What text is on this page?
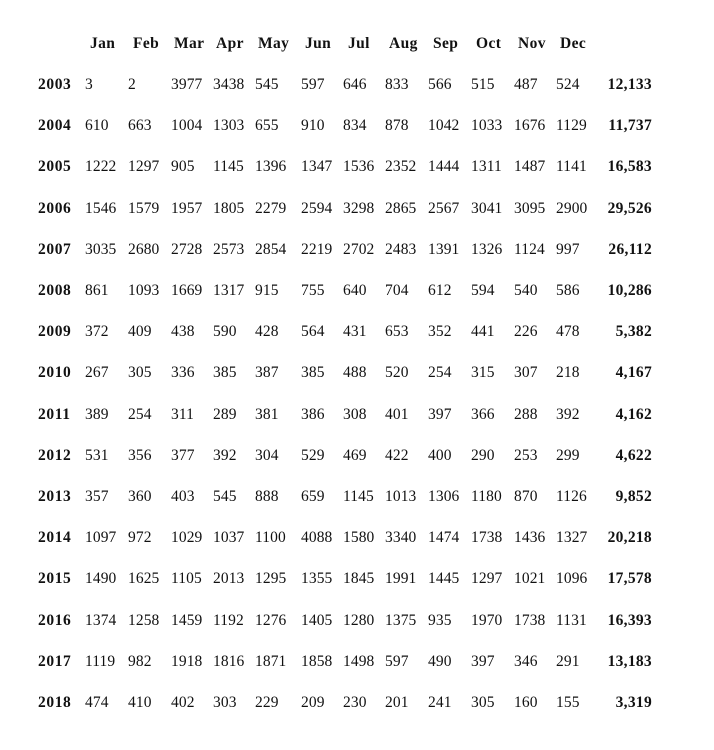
Jan Feb Mar Apr May Jun Jul Aug Sep Oct Nov Dec
2003 3 2 3977 3438 545 597 646 833 566 515 487 524	12,133
2004 610 663 1004 1303 655 910 834 878 1042 1033 1676 1129	11,737
2005 1222 1297 905 1145 1396 1347 1536 2352 1444 1311 1487 1141	16,583
2006 1546 1579 1957 1805 2279 2594 3298 2865 2567 3041 3095 2900	29,526
2007 3035 2680 2728 2573 2854 2219 2702 2483 1391 1326 1124 997	26,112
2008 861 1093 1669 1317 915 755 640 704 612 594 540 586	10,286
2009 372 409 438 590 428 564 431 653 352 441 226 478	5,382
2010 267 305 336 385 387 385 488 520 254 315 307 218	4,167
2011 389 254 311 289 381 386 308 401 397 366 288 392	4,162
2012 531 356 377 392 304 529 469 422 400 290 253 299	4,622
2013 357 360 403 545 888 659 1145 1013 1306 1180 870 1126	9,852
2014 1097 972 1029 1037 1100 4088 1580 3340 1474 1738 1436 1327	20,218
2015 1490 1625 1105 2013 1295 1355 1845 1991 1445 1297 1021 1096	17,578
2016 1374 1258 1459 1192 1276 1405 1280 1375 935 1970 1738 1131	16,393
2017 1119 982 1918 1816 1871 1858 1498 597 490 397 346 291	13,183
2018 474 410 402 303 229 209 230 201 241 305 160 155	3,319
